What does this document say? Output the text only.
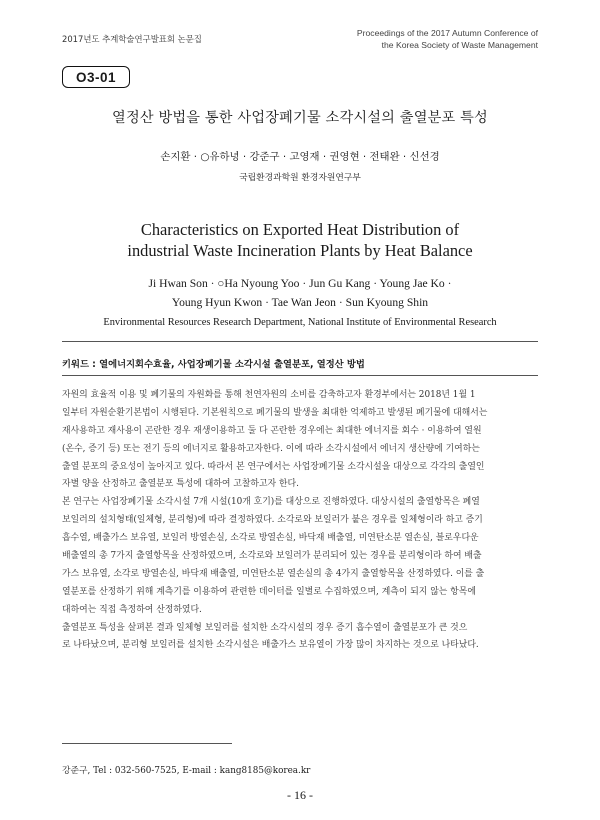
2017년도 추계학술연구발표회 논문집
Proceedings of the 2017 Autumn Conference of
the Korea Society of Waste Management
O3-01
열정산 방법을 통한 사업장폐기물 소각시설의 출열분포 특성
손지환 · ○유하녕 · 강준구 · 고영재 · 권영현 · 전태완 · 신선경
국립환경과학원 환경자원연구부
Characteristics on Exported Heat Distribution of
industrial Waste Incineration Plants by Heat Balance
Ji Hwan Son · ○Ha Nyoung Yoo · Jun Gu Kang · Young Jae Ko ·
Young Hyun Kwon · Tae Wan Jeon · Sun Kyoung Shin
Environmental Resources Research Department, National Institute of Environmental Research
키워드 : 열에너지회수효율, 사업장폐기물 소각시설 출열분포, 열정산 방법
자원의 효율적 이용 및 폐기물의 자원화를 통해 천연자원의 소비를 감축하고자 환경부에서는 2018년 1월 1
일부터 자원순환기본법이 시행된다. 기본원칙으로 폐기물의 발생을 최대한 억제하고 발생된 폐기물에 대해서는
재사용하고 재사용이 곤란한 경우 재생이용하고 둘 다 곤란한 경우에는 최대한 에너지를 회수 · 이용하여 열원
(온수, 증기 등) 또는 전기 등의 에너지로 활용하고자한다. 이에 따라 소각시설에서 에너지 생산량에 기여하는
출열 분포의 중요성이 높아지고 있다. 따라서 본 연구에서는 사업장폐기물 소각시설을 대상으로 각각의 출열인
자별 양을 산정하고 출열분포 특성에 대하여 고찰하고자 한다.
본 연구는 사업장폐기물 소각시설 7개 시설(10개 호기)를 대상으로 진행하였다. 대상시설의 출열항목은 폐열
보일러의 설치형태(일체형, 분리형)에 따라 결정하였다. 소각로와 보일러가 붙은 경우를 일체형이라 하고 증기
흡수열, 배출가스 보유열, 보일러 방열손실, 소각로 방열손실, 바닥재 배출열, 미연탄소분 열손실, 블로우다운
배출열의 총 7가지 출열항목을 산정하였으며, 소각로와 보일러가 분리되어 있는 경우를 분리형이라 하여 배출
가스 보유열, 소각로 방열손실, 바닥재 배출열, 미연탄소분 열손실의 총 4가지 출열항목을 산정하였다. 이를 출
열분포를 산정하기 위해 계측기를 이용하여 관련한 데이터를 일별로 수집하였으며, 계측이 되지 않는 항목에
대하여는 직접 측정하여 산정하였다.
출열분포 특성을 살펴본 결과 일체형 보일러를 설치한 소각시설의 경우 증기 흡수열이 출열분포가 큰 것으
로 나타났으며, 분리형 보일러를 설치한 소각시설은 배출가스 보유열이 가장 많이 차지하는 것으로 나타났다.
강준구, Tel : 032-560-7525, E-mail : kang8185@korea.kr
- 16 -
